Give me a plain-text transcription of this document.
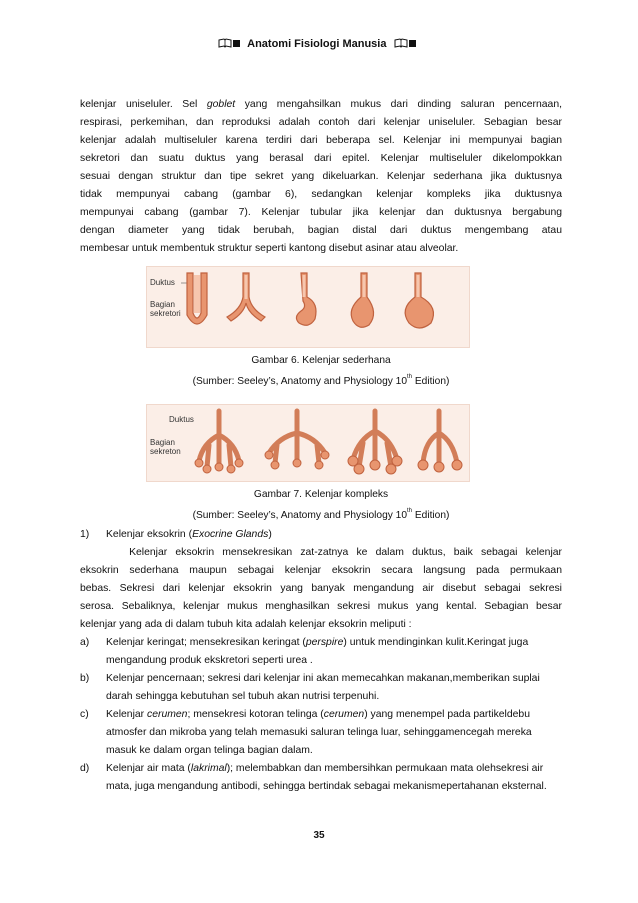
Anatomi Fisiologi Manusia
kelenjar uniseluler. Sel goblet yang mengahsilkan mukus dari dinding saluran pencernaan,
respirasi, perkemihan, dan reproduksi adalah contoh dari kelenjar uniseluler. Sebagian besar
kelenjar adalah multiseluler karena terdiri dari beberapa sel. Kelenjar ini mempunyai bagian
sekretori dan suatu duktus yang berasal dari epitel. Kelenjar multiseluler dikelompokkan
sesuai dengan struktur dan tipe sekret yang dikeluarkan. Kelenjar sederhana jika duktusnya
tidak mempunyai cabang (gambar 6), sedangkan kelenjar kompleks jika duktusnya
mempunyai cabang (gambar 7). Kelenjar tubular jika kelenjar dan duktusnya bergabung
dengan diameter yang tidak berubah, bagian distal dari duktus mengembang atau
membesar untuk membentuk struktur seperti kantong disebut asinar atau alveolar.
Duktus
Bagian
sekretori
Gambar 6. Kelenjar sederhana
(Sumber: Seeley’s, Anatomy and Physiology 10th Edition)
Duktus
Bagian
sekreton
Gambar 7. Kelenjar kompleks
(Sumber: Seeley’s, Anatomy and Physiology 10th Edition)
1) Kelenjar eksokrin (Exocrine Glands)
Kelenjar eksokrin mensekresikan zat-zatnya ke dalam duktus, baik sebagai kelenjar
eksokrin sederhana maupun sebagai kelenjar eksokrin secara langsung pada permukaan
bebas. Sekresi dari kelenjar eksokrin yang banyak mengandung air disebut sebagai sekresi
serosa. Sebaliknya, kelenjar mukus menghasilkan sekresi mukus yang kental. Sebagian besar
kelenjar yang ada di dalam tubuh kita adalah kelenjar eksokrin meliputi :
a) Kelenjar keringat; mensekresikan keringat (perspire) untuk mendinginkan kulit.Keringat juga mengandung produk ekskretori seperti urea .
b) Kelenjar pencernaan; sekresi dari kelenjar ini akan memecahkan makanan,memberikan suplai darah sehingga kebutuhan sel tubuh akan nutrisi terpenuhi.
c) Kelenjar cerumen; mensekresi kotoran telinga (cerumen) yang menempel pada partikeldebu atmosfer dan mikroba yang telah memasuki saluran telinga luar, sehinggamencegah mereka masuk ke dalam organ telinga bagian dalam.
d) Kelenjar air mata (lakrimal); melembabkan dan membersihkan permukaan mata olehsekresi air mata, juga mengandung antibodi, sehingga bertindak sebagai mekanismepertahanan eksternal.
35
